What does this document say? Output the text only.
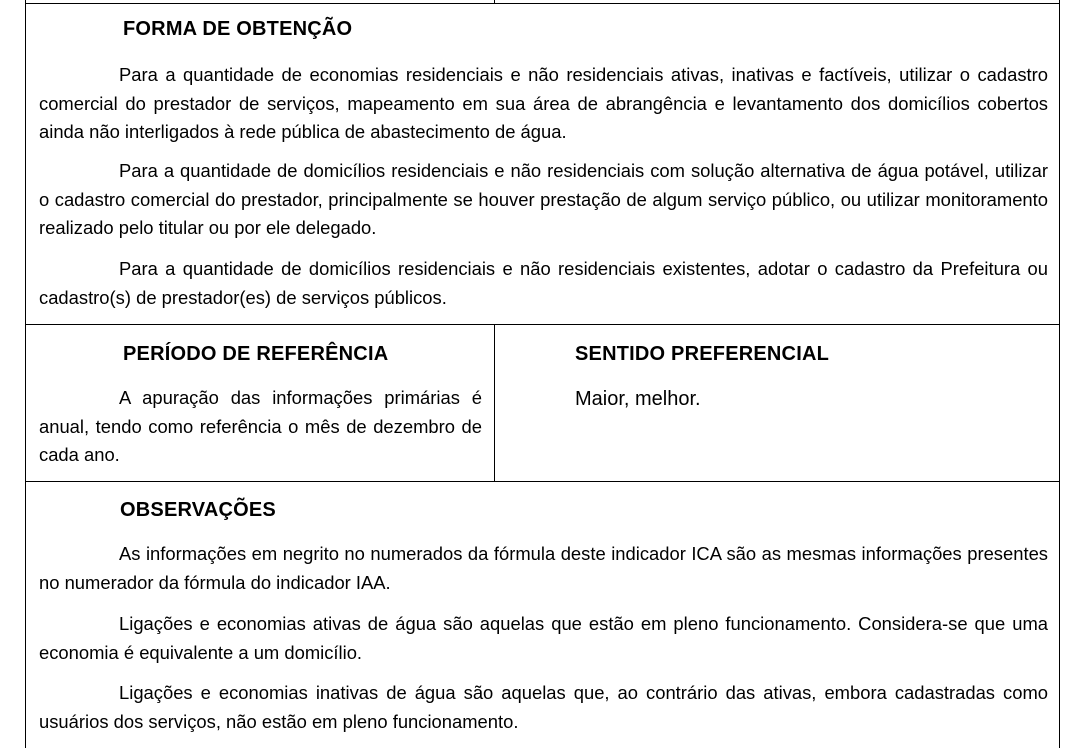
FORMA DE OBTENÇÃO

Para a quantidade de economias residenciais e não residenciais ativas, inativas e factíveis, utilizar o cadastro comercial do prestador de serviços, mapeamento em sua área de abrangência e levantamento dos domicílios cobertos ainda não interligados à rede pública de abastecimento de água.

Para a quantidade de domicílios residenciais e não residenciais com solução alternativa de água potável, utilizar o cadastro comercial do prestador, principalmente se houver prestação de algum serviço público, ou utilizar monitoramento realizado pelo titular ou por ele delegado.

Para a quantidade de domicílios residenciais e não residenciais existentes, adotar o cadastro da Prefeitura ou cadastro(s) de prestador(es) de serviços públicos.

PERÍODO DE REFERÊNCIA

A apuração das informações primárias é anual, tendo como referência o mês de dezembro de cada ano.

SENTIDO PREFERENCIAL

Maior, melhor.

OBSERVAÇÕES

As informações em negrito no numerados da fórmula deste indicador ICA são as mesmas informações presentes no numerador da fórmula do indicador IAA.

Ligações e economias ativas de água são aquelas que estão em pleno funcionamento. Considera-se que uma economia é equivalente a um domicílio.

Ligações e economias inativas de água são aquelas que, ao contrário das ativas, embora cadastradas como usuários dos serviços, não estão em pleno funcionamento.
